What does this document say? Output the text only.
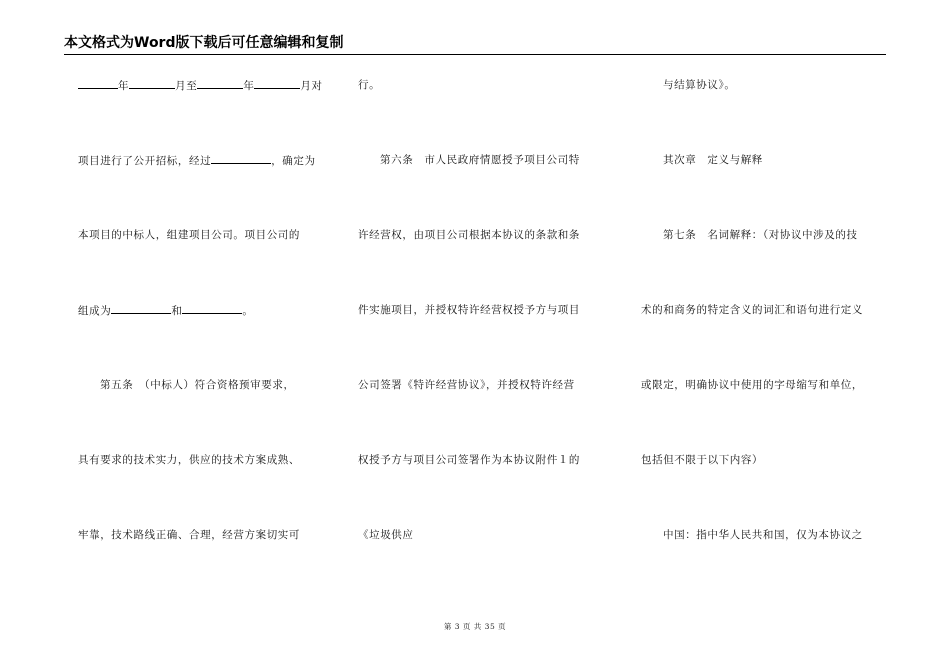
本文格式为Word版下载后可任意编辑和复制
年	月至	年	月对
项目进行了公开招标，经过	，确定为
本项目的中标人，组建项目公司。项目公司的
组成为	和	。
第五条　（中标人）符合资格预审要求，
具有要求的技术实力，供应的技术方案成熟、
牢靠，技术路线正确、合理，经营方案切实可
行。
第六条　市人民政府情愿授予项目公司特
许经营权，由项目公司根据本协议的条款和条
件实施项目，并授权特许经营权授予方与项目
公司签署《特许经营协议》，并授权特许经营
权授予方与项目公司签署作为本协议附件１的
《垃圾供应
与结算协议》。
其次章　定义与解释
第七条　名词解释：（对协议中涉及的技
术的和商务的特定含义的词汇和语句进行定义
或限定，明确协议中使用的字母缩写和单位，
包括但不限于以下内容）
中国：指中华人民共和国，仅为本协议之
第 3 页 共 35 页
